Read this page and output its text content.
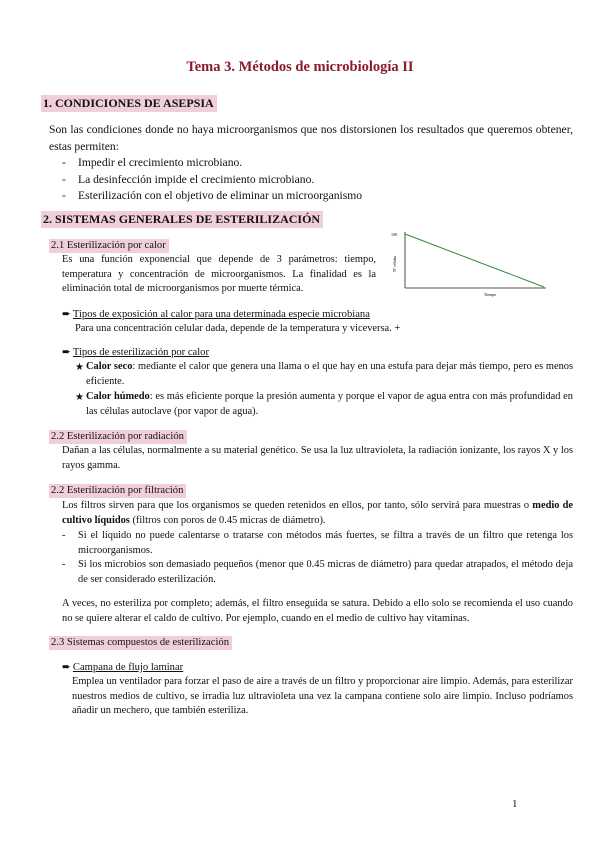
Tema 3. Métodos de microbiología II
1. CONDICIONES DE ASEPSIA
Son las condiciones donde no haya microorganismos que nos distorsionen los resultados que queremos obtener, estas permiten:
- Impedir el crecimiento microbiano.
- La desinfección impide el crecimiento microbiano.
- Esterilización con el objetivo de eliminar un microorganismo
2. SISTEMAS GENERALES DE ESTERILIZACIÓN
2.1 Esterilización por calor
Es una función exponencial que depende de 3 parámetros: tiempo, temperatura y concentración de microorganismos. La finalidad es la eliminación total de microorganismos por muerte térmica.
100
Nº células
Tiempo
➨ Tipos de exposición al calor para una determinada especie microbiana
Para una concentración celular dada, depende de la temperatura y viceversa. +
➨ Tipos de esterilización por calor
★ Calor seco: mediante el calor que genera una llama o el que hay en una estufa para dejar más tiempo, pero es menos eficiente.
★ Calor húmedo: es más eficiente porque la presión aumenta y porque el vapor de agua entra con más profundidad en las células autoclave (por vapor de agua).
2.2 Esterilización por radiación
Dañan a las células, normalmente a su material genético. Se usa la luz ultravioleta, la radiación ionizante, los rayos X y los rayos gamma.
2.2 Esterilización por filtración
Los filtros sirven para que los organismos se queden retenidos en ellos, por tanto, sólo servirá para muestras o medio de cultivo líquidos (filtros con poros de 0.45 micras de diámetro).
- Si el líquido no puede calentarse o tratarse con métodos más fuertes, se filtra a través de un filtro que retenga los microorganismos.
- Si los microbios son demasiado pequeños (menor que 0.45 micras de diámetro) para quedar atrapados, el método deja de ser considerado esterilización.
A veces, no esteriliza por completo; además, el filtro enseguida se satura. Debido a ello solo se recomienda el uso cuando no se quiere alterar el caldo de cultivo. Por ejemplo, cuando en el medio de cultivo hay vitaminas.
2.3 Sistemas compuestos de esterilización
➨ Campana de flujo laminar
Emplea un ventilador para forzar el paso de aire a través de un filtro y proporcionar aire limpio. Además, para esterilizar nuestros medios de cultivo, se irradia luz ultravioleta una vez la campana contiene solo aire limpio. Incluso podríamos añadir un mechero, que también esteriliza.
1
